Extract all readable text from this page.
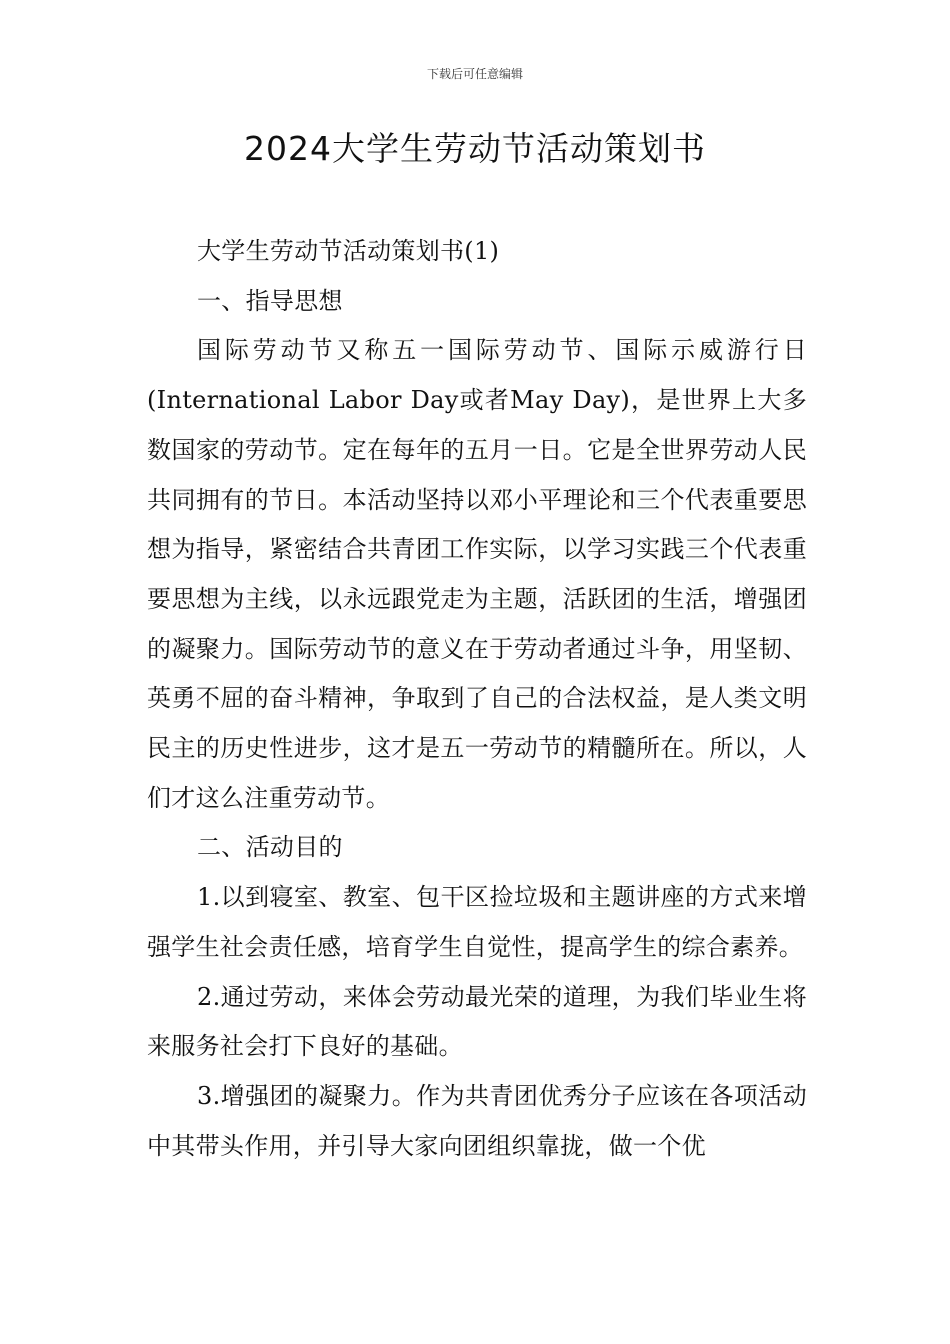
下载后可任意编辑
2024大学生劳动节活动策划书

大学生劳动节活动策划书(1)

一、指导思想

国际劳动节又称五一国际劳动节、国际示威游行日(International Labor Day或者May Day)，是世界上大多数国家的劳动节。定在每年的五月一日。它是全世界劳动人民共同拥有的节日。本活动坚持以邓小平理论和三个代表重要思想为指导，紧密结合共青团工作实际，以学习实践三个代表重要思想为主线，以永远跟党走为主题，活跃团的生活，增强团的凝聚力。国际劳动节的意义在于劳动者通过斗争，用坚韧、英勇不屈的奋斗精神，争取到了自己的合法权益，是人类文明民主的历史性进步，这才是五一劳动节的精髓所在。所以，人们才这么注重劳动节。

二、活动目的

1.以到寝室、教室、包干区捡垃圾和主题讲座的方式来增强学生社会责任感，培育学生自觉性，提高学生的综合素养。

2.通过劳动，来体会劳动最光荣的道理，为我们毕业生将来服务社会打下良好的基础。

3.增强团的凝聚力。作为共青团优秀分子应该在各项活动中其带头作用，并引导大家向团组织靠拢，做一个优
